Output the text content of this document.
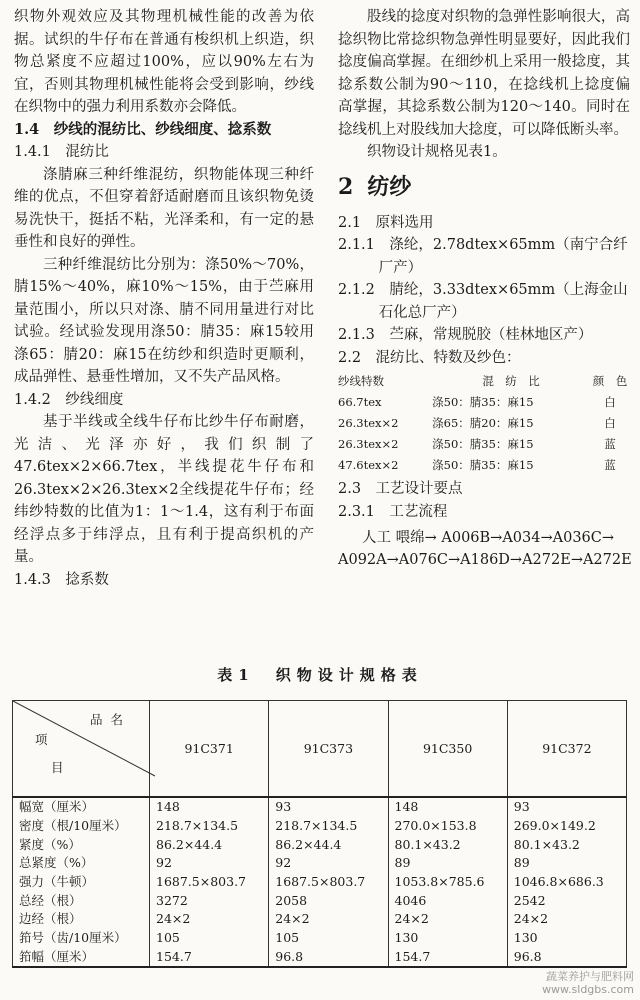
织物外观效应及其物理机械性能的改善为依据。试织的牛仔布在普通有梭织机上织造，织物总紧度不应超过100%，应以90%左右为宜，否则其物理机械性能将会受到影响，纱线在织物中的强力利用系数亦会降低。

1.4　纱线的混纺比、纱线细度、捻系数

1.4.1　混纺比

涤腈麻三种纤维混纺，织物能体现三种纤维的优点，不但穿着舒适耐磨而且该织物免烫易洗快干，挺括不粘，光泽柔和，有一定的悬垂性和良好的弹性。

三种纤维混纺比分别为：涤50%～70%，腈15%～40%，麻10%～15%，由于苎麻用量范围小，所以只对涤、腈不同用量进行对比试验。经试验发现用涤50：腈35：麻15较用涤65：腈20：麻15在纺纱和织造时更顺利，成品弹性、悬垂性增加，又不失产品风格。

1.4.2　纱线细度

基于半线或全线牛仔布比纱牛仔布耐磨，光洁、光泽亦好，我们织制了47.6tex×2×66.7tex，半线提花牛仔布和26.3tex×2×26.3tex×2全线提花牛仔布；经纬纱特数的比值为1：1～1.4，这有利于布面经浮点多于纬浮点，且有利于提高织机的产量。

1.4.3　捻系数

股线的捻度对织物的急弹性影响很大，高捻织物比常捻织物急弹性明显要好，因此我们捻度偏高掌握。在细纱机上采用一般捻度，其捻系数公制为90～110，在捻线机上捻度偏高掌握，其捻系数公制为120～140。同时在捻线机上对股线加大捻度，可以降低断头率。

织物设计规格见表1。

2 纺纱

2.1　原料选用

2.1.1　涤纶，2.78dtex×65mm（南宁合纤厂产）

2.1.2　腈纶，3.33dtex×65mm（上海金山石化总厂产）

2.1.3　苎麻，常规脱胶（桂林地区产）

2.2　混纺比、特数及纱色：

纱线特数	混　纺　比	颜　色
66.7tex	涤50：腈35：麻15	白
26.3tex×2	涤65：腈20：麻15	白
26.3tex×2	涤50：腈35：麻15	蓝
47.6tex×2	涤50：腈35：麻15	蓝

2.3　工艺设计要点

2.3.1　工艺流程

人工 喂绵→ A006B→A034→A036C→
A092A→A076C→A186D→A272E→A272E
表1　织物设计规格表
品名
项
目	91C371	91C373	91C350	91C372
幅宽（厘米）	148	93	148	93
密度（根/10厘米）	218.7×134.5	218.7×134.5	270.0×153.8	269.0×149.2
紧度（%）	86.2×44.4	86.2×44.4	80.1×43.2	80.1×43.2
总紧度（%）	92	92	89	89
强力（牛顿）	1687.5×803.7	1687.5×803.7	1053.8×785.6	1046.8×686.3
总经（根）	3272	2058	4046	2542
边经（根）	24×2	24×2	24×2	24×2
筘号（齿/10厘米）	105	105	130	130
筘幅（厘米）	154.7	96.8	154.7	96.8
蔬菜养护与肥料网
www.sldgbs.com
